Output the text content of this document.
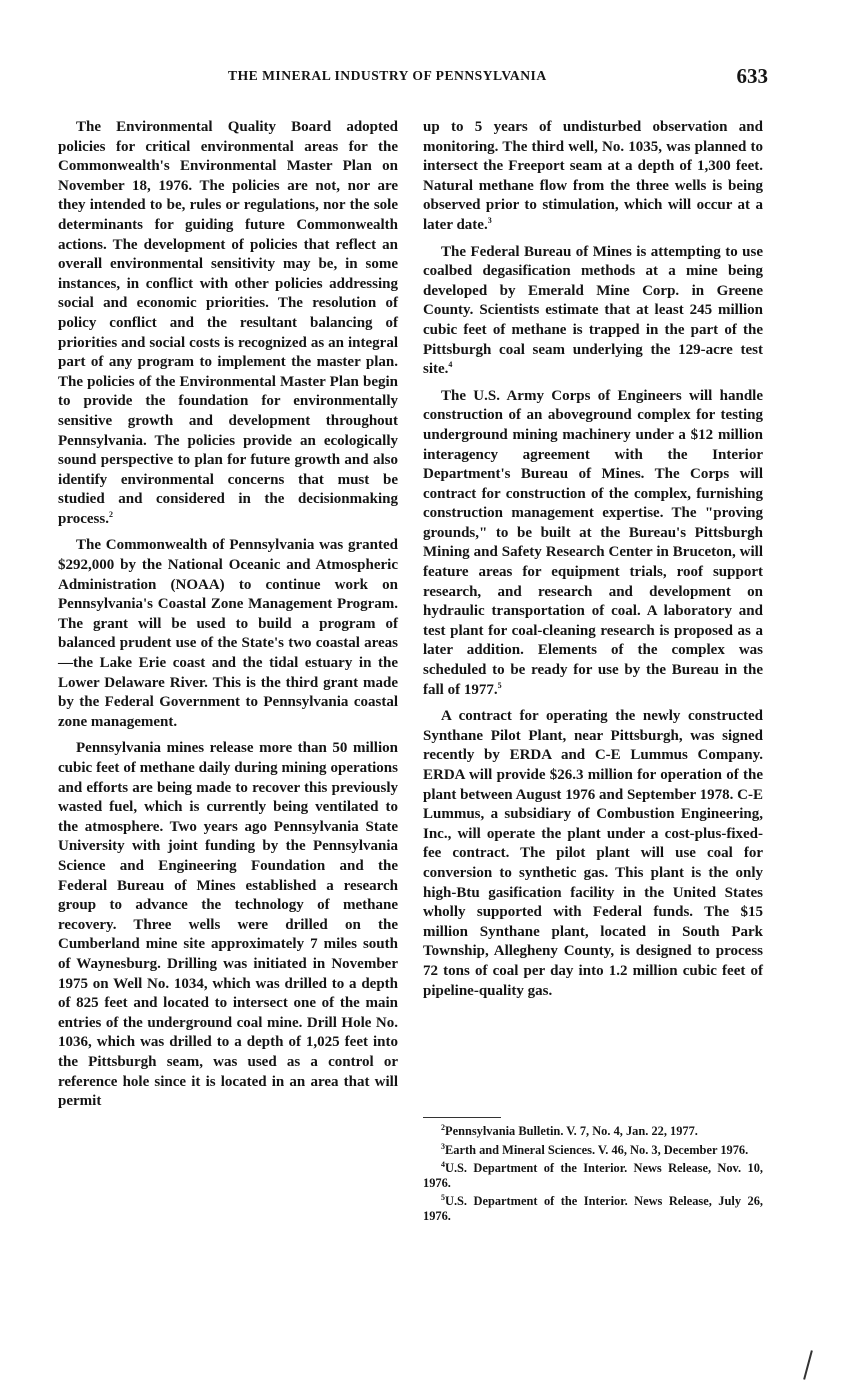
THE MINERAL INDUSTRY OF PENNSYLVANIA	633

The Environmental Quality Board adopted policies for critical environmental areas for the Commonwealth's Environmental Master Plan on November 18, 1976. The policies are not, nor are they intended to be, rules or regulations, nor the sole determinants for guiding future Commonwealth actions. The development of policies that reflect an overall environmental sensitivity may be, in some instances, in conflict with other policies addressing social and economic priorities. The resolution of policy conflict and the resultant balancing of priorities and social costs is recognized as an integral part of any program to implement the master plan. The policies of the Environmental Master Plan begin to provide the foundation for environmentally sensitive growth and development throughout Pennsylvania. The policies provide an ecologically sound perspective to plan for future growth and also identify environmental concerns that must be studied and considered in the decisionmaking process.$^2$

The Commonwealth of Pennsylvania was granted $292,000 by the National Oceanic and Atmospheric Administration (NOAA) to continue work on Pennsylvania's Coastal Zone Management Program. The grant will be used to build a program of balanced prudent use of the State's two coastal areas —the Lake Erie coast and the tidal estuary in the Lower Delaware River. This is the third grant made by the Federal Government to Pennsylvania coastal zone management.

Pennsylvania mines release more than 50 million cubic feet of methane daily during mining operations and efforts are being made to recover this previously wasted fuel, which is currently being ventilated to the atmosphere. Two years ago Pennsylvania State University with joint funding by the Pennsylvania Science and Engineering Foundation and the Federal Bureau of Mines established a research group to advance the technology of methane recovery. Three wells were drilled on the Cumberland mine site approximately 7 miles south of Waynesburg. Drilling was initiated in November 1975 on Well No. 1034, which was drilled to a depth of 825 feet and located to intersect one of the main entries of the underground coal mine. Drill Hole No. 1036, which was drilled to a depth of 1,025 feet into the Pittsburgh seam, was used as a control or reference hole since it is located in an area that will permit

up to 5 years of undisturbed observation and monitoring. The third well, No. 1035, was planned to intersect the Freeport seam at a depth of 1,300 feet. Natural methane flow from the three wells is being observed prior to stimulation, which will occur at a later date.$^3$

The Federal Bureau of Mines is attempting to use coalbed degasification methods at a mine being developed by Emerald Mine Corp. in Greene County. Scientists estimate that at least 245 million cubic feet of methane is trapped in the part of the Pittsburgh coal seam underlying the 129-acre test site.$^4$

The U.S. Army Corps of Engineers will handle construction of an aboveground complex for testing underground mining machinery under a $12 million interagency agreement with the Interior Department's Bureau of Mines. The Corps will contract for construction of the complex, furnishing construction management expertise. The "proving grounds," to be built at the Bureau's Pittsburgh Mining and Safety Research Center in Bruceton, will feature areas for equipment trials, roof support research, and research and development on hydraulic transportation of coal. A laboratory and test plant for coal-cleaning research is proposed as a later addition. Elements of the complex was scheduled to be ready for use by the Bureau in the fall of 1977.$^5$

A contract for operating the newly constructed Synthane Pilot Plant, near Pittsburgh, was signed recently by ERDA and C-E Lummus Company. ERDA will provide $26.3 million for operation of the plant between August 1976 and September 1978. C-E Lummus, a subsidiary of Combustion Engineering, Inc., will operate the plant under a cost-plus-fixed-fee contract. The pilot plant will use coal for conversion to synthetic gas. This plant is the only high-Btu gasification facility in the United States wholly supported with Federal funds. The $15 million Synthane plant, located in South Park Township, Allegheny County, is designed to process 72 tons of coal per day into 1.2 million cubic feet of pipeline-quality gas.

$^2$Pennsylvania Bulletin. V. 7, No. 4, Jan. 22, 1977.

$^3$Earth and Mineral Sciences. V. 46, No. 3, December 1976.

$^4$U.S. Department of the Interior. News Release, Nov. 10, 1976.

$^5$U.S. Department of the Interior. News Release, July 26, 1976.
